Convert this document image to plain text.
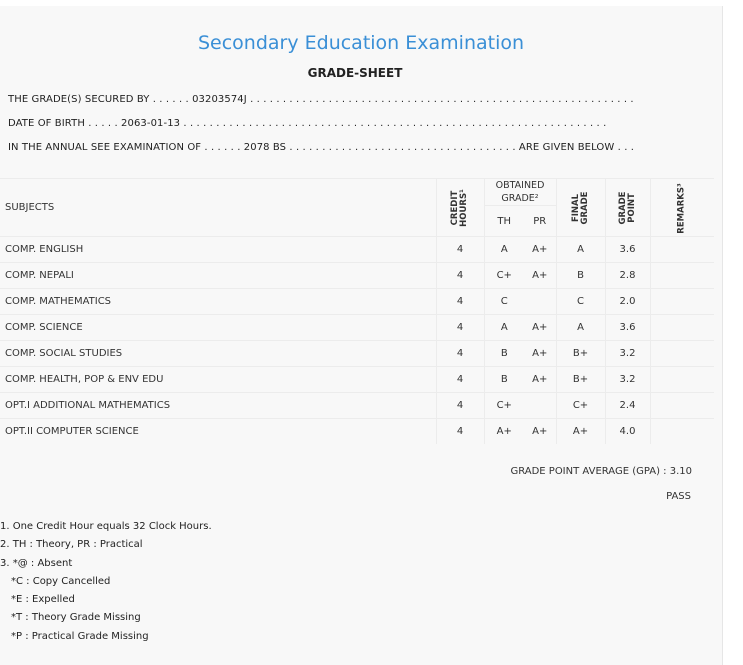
Secondary Education Examination
GRADE-SHEET
THE GRADE(S) SECURED BY . . . . . . 03203574J . . . . . . . . . . . . . . . . . . . . . . . . . . . . . . . . . . . . . . . . . . . . . . . . . . . . . . . . . . .
DATE OF BIRTH . . . . . 2063-01-13 . . . . . . . . . . . . . . . . . . . . . . . . . . . . . . . . . . . . . . . . . . . . . . . . . . . . . . . . . . . . . . . . .
IN THE ANNUAL SEE EXAMINATION OF . . . . . . 2078 BS . . . . . . . . . . . . . . . . . . . . . . . . . . . . . . . . . . . ARE GIVEN BELOW . . .
SUBJECTS	CREDIT HOURS¹	OBTAINED GRADE²		FINAL GRADE	GRADE POINT	REMARKS³
		TH	PR			
COMP. ENGLISH	4	A	A+	A	3.6	
COMP. NEPALI	4	C+	A+	B	2.8	
COMP. MATHEMATICS	4	C		C	2.0	
COMP. SCIENCE	4	A	A+	A	3.6	
COMP. SOCIAL STUDIES	4	B	A+	B+	3.2	
COMP. HEALTH, POP & ENV EDU	4	B	A+	B+	3.2	
OPT.I ADDITIONAL MATHEMATICS	4	C+		C+	2.4	
OPT.II COMPUTER SCIENCE	4	A+	A+	A+	4.0	
GRADE POINT AVERAGE (GPA) : 3.10
PASS
1. One Credit Hour equals 32 Clock Hours.
2. TH : Theory, PR : Practical
3. *@ : Absent
*C : Copy Cancelled
*E : Expelled
*T : Theory Grade Missing
*P : Practical Grade Missing
